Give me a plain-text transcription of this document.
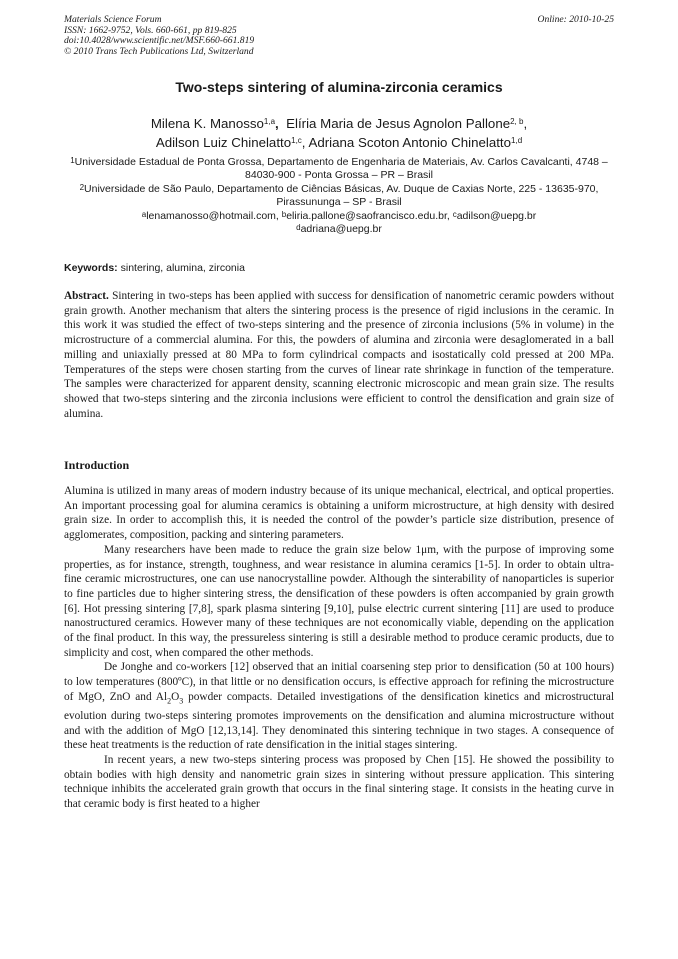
Materials Science Forum
ISSN: 1662-9752, Vols. 660-661, pp 819-825
doi:10.4028/www.scientific.net/MSF.660-661.819
© 2010 Trans Tech Publications Ltd, Switzerland
Online: 2010-10-25
Two-steps sintering of alumina-zirconia ceramics
Milena K. Manosso$^{1,a}$, Elíria Maria de Jesus Agnolon Pallone$^{2, b}$,
Adilson Luiz Chinelatto$^{1,c}$, Adriana Scoton Antonio Chinelatto$^{1,d}$
$^1$Universidade Estadual de Ponta Grossa, Departamento de Engenharia de Materiais, Av. Carlos Cavalcanti, 4748 – 84030-900 - Ponta Grossa – PR – Brasil
$^2$Universidade de São Paulo, Departamento de Ciências Básicas, Av. Duque de Caxias Norte, 225 - 13635-970, Pirassununga – SP - Brasil
$^a$lenamanosso@hotmail.com, $^b$eliria.pallone@saofrancisco.edu.br, $^c$adilson@uepg.br
$^d$adriana@uepg.br
Keywords: sintering, alumina, zirconia

Abstract. Sintering in two-steps has been applied with success for densification of nanometric ceramic powders without grain growth. Another mechanism that alters the sintering process is the presence of rigid inclusions in the ceramic. In this work it was studied the effect of two-steps sintering and the presence of zirconia inclusions (5% in volume) in the microstructure of a commercial alumina. For this, the powders of alumina and zirconia were desaglomerated in a ball milling and uniaxially pressed at 80 MPa to form cylindrical compacts and isostatically cold pressed at 200 MPa. Temperatures of the steps were chosen starting from the curves of linear rate shrinkage in function of the temperature. The samples were characterized for apparent density, scanning electronic microscopic and mean grain size. The results showed that two-steps sintering and the zirconia inclusions were efficient to control the densification and grain size of alumina.

Introduction

Alumina is utilized in many areas of modern industry because of its unique mechanical, electrical, and optical properties. An important processing goal for alumina ceramics is obtaining a uniform microstructure, at high density with desired grain size. In order to accomplish this, it is needed the control of the powder’s particle size distribution, presence of agglomerates, composition, packing and sintering parameters.

Many researchers have been made to reduce the grain size below 1μm, with the purpose of improving some properties, as for instance, strength, toughness, and wear resistance in alumina ceramics [1-5]. In order to obtain ultra-fine ceramic microstructures, one can use nanocrystalline powder. Although the sinterability of nanoparticles is superior to fine particles due to higher sintering stress, the densification of these powders is often accompanied by grain growth [6]. Hot pressing sintering [7,8], spark plasma sintering [9,10], pulse electric current sintering [11] are used to produce nanostructured ceramics. However many of these techniques are not economically viable, depending on the application of the final product. In this way, the pressureless sintering is still a desirable method to produce ceramic products, due to simplicity and cost, when compared the other methods.

De Jonghe and co-workers [12] observed that an initial coarsening step prior to densification (50 at 100 hours) to low temperatures (800ºC), in that little or no densification occurs, is effective approach for refining the microstructure of MgO, ZnO and $Al_2O_3$ powder compacts. Detailed investigations of the densification kinetics and microstructural evolution during two-steps sintering promotes improvements on the densification and alumina microstructure without and with the addition of MgO [12,13,14]. They denominated this sintering technique in two stages. A consequence of these heat treatments is the reduction of rate densification in the initial stages sintering.

In recent years, a new two-steps sintering process was proposed by Chen [15]. He showed the possibility to obtain bodies with high density and nanometric grain sizes in sintering without pressure application. This sintering technique inhibits the accelerated grain growth that occurs in the final sintering stage. It consists in the heating curve in that ceramic body is first heated to a higher
